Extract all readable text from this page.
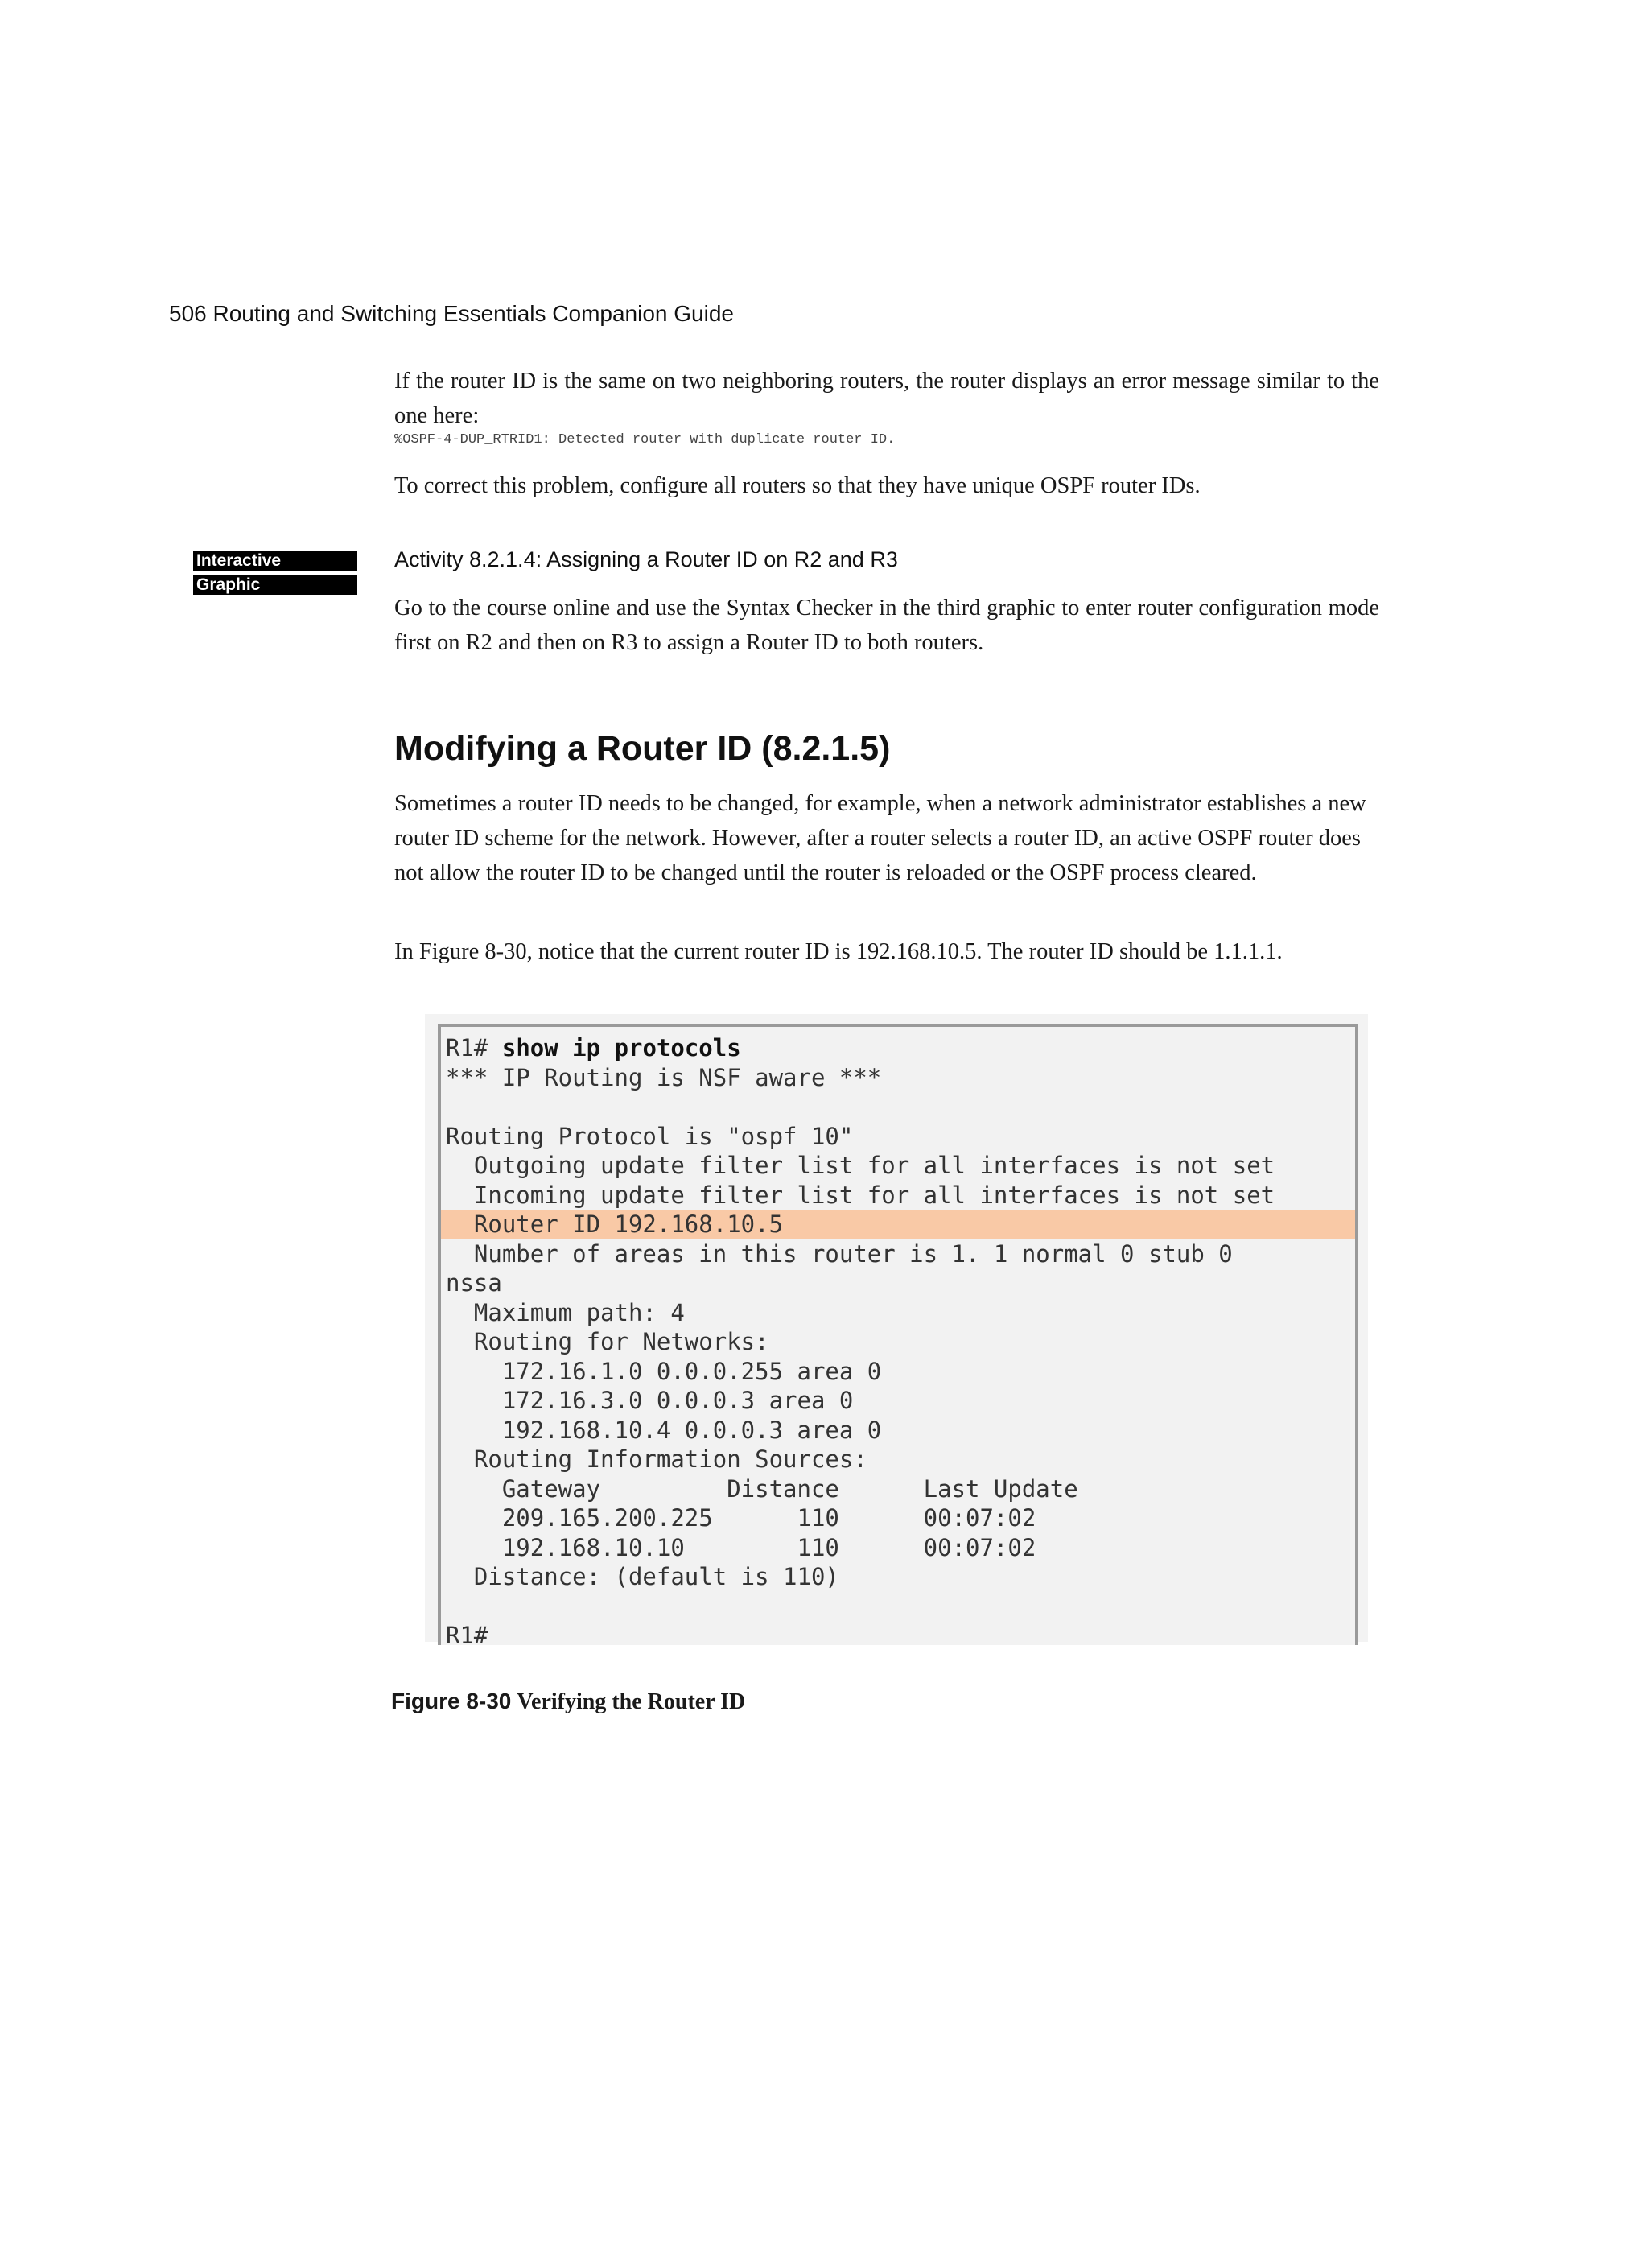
506 Routing and Switching Essentials Companion Guide
If the router ID is the same on two neighboring routers, the router displays an error message similar to the one here:
%OSPF-4-DUP_RTRID1: Detected router with duplicate router ID.
To correct this problem, configure all routers so that they have unique OSPF router IDs.
Interactive
Graphic
Activity 8.2.1.4: Assigning a Router ID on R2 and R3
Go to the course online and use the Syntax Checker in the third graphic to enter router configuration mode first on R2 and then on R3 to assign a Router ID to both routers.
Modifying a Router ID (8.2.1.5)
Sometimes a router ID needs to be changed, for example, when a network administrator establishes a new router ID scheme for the network. However, after a router selects a router ID, an active OSPF router does not allow the router ID to be changed until the router is reloaded or the OSPF process cleared.
In Figure 8-30, notice that the current router ID is 192.168.10.5. The router ID should be 1.1.1.1.
R1# show ip protocols
*** IP Routing is NSF aware ***
Routing Protocol is "ospf 10"
Outgoing update filter list for all interfaces is not set
Incoming update filter list for all interfaces is not set
Router ID 192.168.10.5
Number of areas in this router is 1. 1 normal 0 stub 0
nssa
Maximum path: 4
Routing for Networks:
172.16.1.0 0.0.0.255 area 0
172.16.3.0 0.0.0.3 area 0
192.168.10.4 0.0.0.3 area 0
Routing Information Sources:
Gateway         Distance      Last Update
209.165.200.225      110      00:07:02
192.168.10.10        110      00:07:02
Distance: (default is 110)
R1#
Figure 8-30 Verifying the Router ID
